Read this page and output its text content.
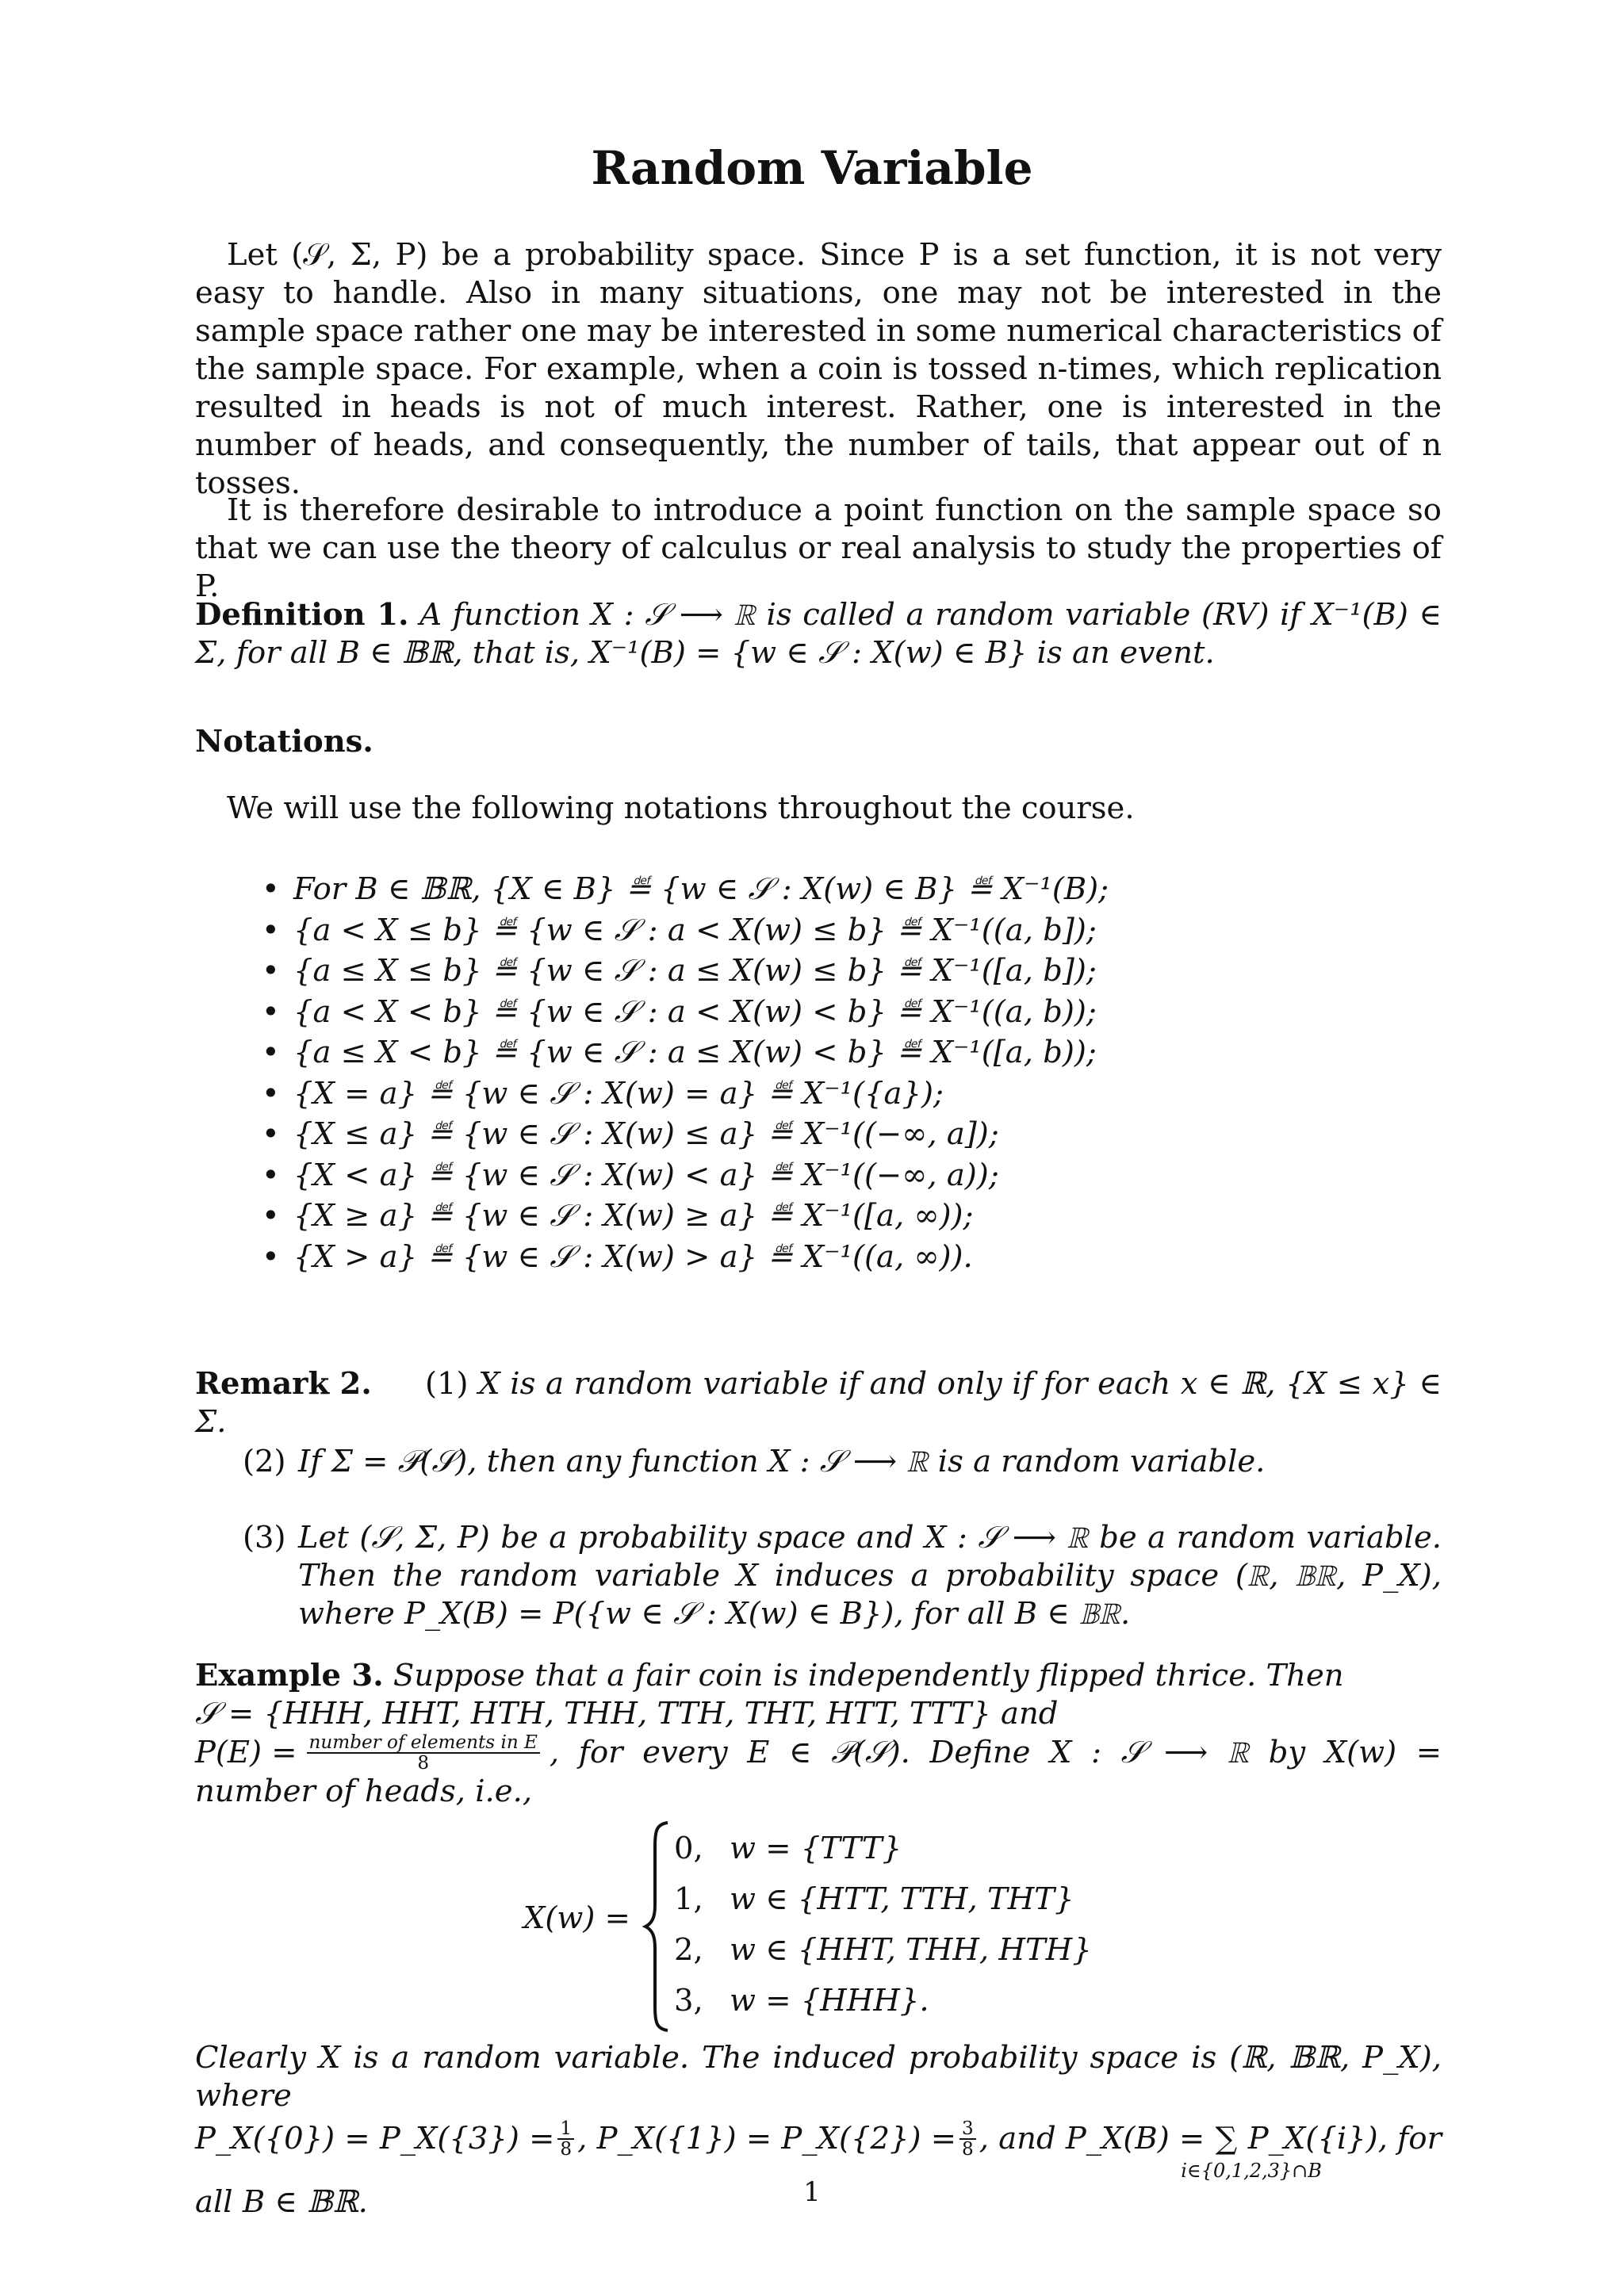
Random Variable
Let (𝒮, Σ, P) be a probability space. Since P is a set function, it is not very easy to handle. Also in many situations, one may not be interested in the sample space rather one may be interested in some numerical characteristics of the sample space. For example, when a coin is tossed n-times, which replication resulted in heads is not of much interest. Rather, one is interested in the number of heads, and consequently, the number of tails, that appear out of n tosses.
It is therefore desirable to introduce a point function on the sample space so that we can use the theory of calculus or real analysis to study the properties of P.
Definition 1. A function X : 𝒮 ⟶ ℝ is called a random variable (RV) if X⁻¹(B) ∈ Σ, for all B ∈ 𝔹ℝ, that is, X⁻¹(B) = {w ∈ 𝒮 : X(w) ∈ B} is an event.
Notations.
We will use the following notations throughout the course.
• For B ∈ 𝔹ℝ, {X ∈ B} ≝ {w ∈ 𝒮 : X(w) ∈ B} ≝ X⁻¹(B);
• {a < X ≤ b} ≝ {w ∈ 𝒮 : a < X(w) ≤ b} ≝ X⁻¹((a, b]);
• {a ≤ X ≤ b} ≝ {w ∈ 𝒮 : a ≤ X(w) ≤ b} ≝ X⁻¹([a, b]);
• {a < X < b} ≝ {w ∈ 𝒮 : a < X(w) < b} ≝ X⁻¹((a, b));
• {a ≤ X < b} ≝ {w ∈ 𝒮 : a ≤ X(w) < b} ≝ X⁻¹([a, b));
• {X = a} ≝ {w ∈ 𝒮 : X(w) = a} ≝ X⁻¹({a});
• {X ≤ a} ≝ {w ∈ 𝒮 : X(w) ≤ a} ≝ X⁻¹((−∞, a]);
• {X < a} ≝ {w ∈ 𝒮 : X(w) < a} ≝ X⁻¹((−∞, a));
• {X ≥ a} ≝ {w ∈ 𝒮 : X(w) ≥ a} ≝ X⁻¹([a, ∞));
• {X > a} ≝ {w ∈ 𝒮 : X(w) > a} ≝ X⁻¹((a, ∞)).
Remark 2. (1) X is a random variable if and only if for each x ∈ ℝ, {X ≤ x} ∈ Σ.
(2) If Σ = 𝒫(𝒮), then any function X : 𝒮 ⟶ ℝ is a random variable.
(3) Let (𝒮, Σ, P) be a probability space and X : 𝒮 ⟶ ℝ be a random variable. Then the random variable X induces a probability space (ℝ, 𝔹ℝ, P_X), where P_X(B) = P({w ∈ 𝒮 : X(w) ∈ B}), for all B ∈ 𝔹ℝ.
Example 3. Suppose that a fair coin is independently flipped thrice. Then
𝒮 = {HHH, HHT, HTH, THH, TTH, THT, HTT, TTT} and
$P(E) = \frac{\text{number of elements in E}}{8}$ , for every E ∈ 𝒫(𝒮). Define X : 𝒮 ⟶ ℝ by X(w) =
number of heads, i.e.,
X(w) =
0, w = {TTT}
1, w ∈ {HTT, TTH, THT}
2, w ∈ {HHT, THH, HTH}
3, w = {HHH}.
Clearly X is a random variable. The induced probability space is (ℝ, 𝔹ℝ, P_X), where
P_X({0}) = P_X({3}) = $\frac{1}{8}$ , P_X({1}) = P_X({2}) = $\frac{3}{8}$ , and P_X(B) = ∑
i∈{0,1,2,3}∩B
P_X({i}), for
all B ∈ 𝔹ℝ.	1
